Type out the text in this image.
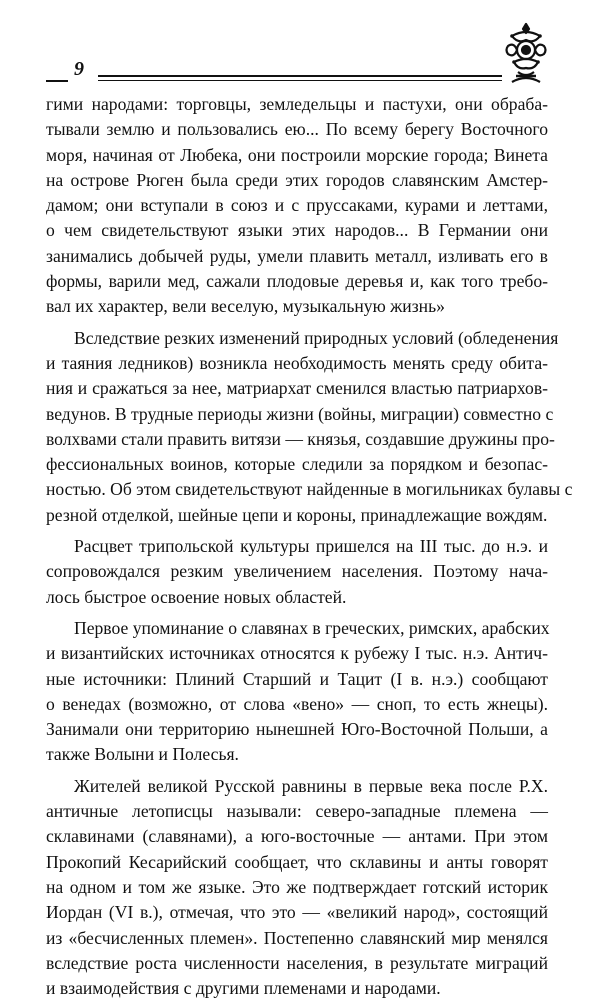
9

гими народами: торговцы, земледельцы и пастухи, они обраба-
тывали землю и пользовались ею... По всему берегу Восточного
моря, начиная от Любека, они построили морские города; Винета
на острове Рюген была среди этих городов славянским Амстер-
дамом; они вступали в союз и с пруссаками, курами и леттами,
о чем свидетельствуют языки этих народов... В Германии они
занимались добычей руды, умели плавить металл, изливать его в
формы, варили мед, сажали плодовые деревья и, как того требо-
вал их характер, вели веселую, музыкальную жизнь»

Вследствие резких изменений природных условий (обледенения
и таяния ледников) возникла необходимость менять среду обита-
ния и сражаться за нее, матриархат сменился властью патриархов-
ведунов. В трудные периоды жизни (войны, миграции) совместно с
волхвами стали править витязи — князья, создавшие дружины про-
фессиональных воинов, которые следили за порядком и безопас-
ностью. Об этом свидетельствуют найденные в могильниках булавы с
резной отделкой, шейные цепи и короны, принадлежащие вождям.

Расцвет трипольской культуры пришелся на III тыс. до н.э. и
сопровождался резким увеличением населения. Поэтому нача-
лось быстрое освоение новых областей.

Первое упоминание о славянах в греческих, римских, арабских
и византийских источниках относятся к рубежу I тыс. н.э. Антич-
ные источники: Плиний Старший и Тацит (I в. н.э.) сообщают
о венедах (возможно, от слова «вено» — сноп, то есть жнецы).
Занимали они территорию нынешней Юго-Восточной Польши, а
также Волыни и Полесья.

Жителей великой Русской равнины в первые века после Р.Х.
античные летописцы называли: северо-западные племена —
склавинами (славянами), а юго-восточные — антами. При этом
Прокопий Кесарийский сообщает, что склавины и анты говорят
на одном и том же языке. Это же подтверждает готский историк
Иордан (VI в.), отмечая, что это — «великий народ», состоящий
из «бесчисленных племен». Постепенно славянский мир менялся
вследствие роста численности населения, в результате миграций
и взаимодействия с другими племенами и народами.
